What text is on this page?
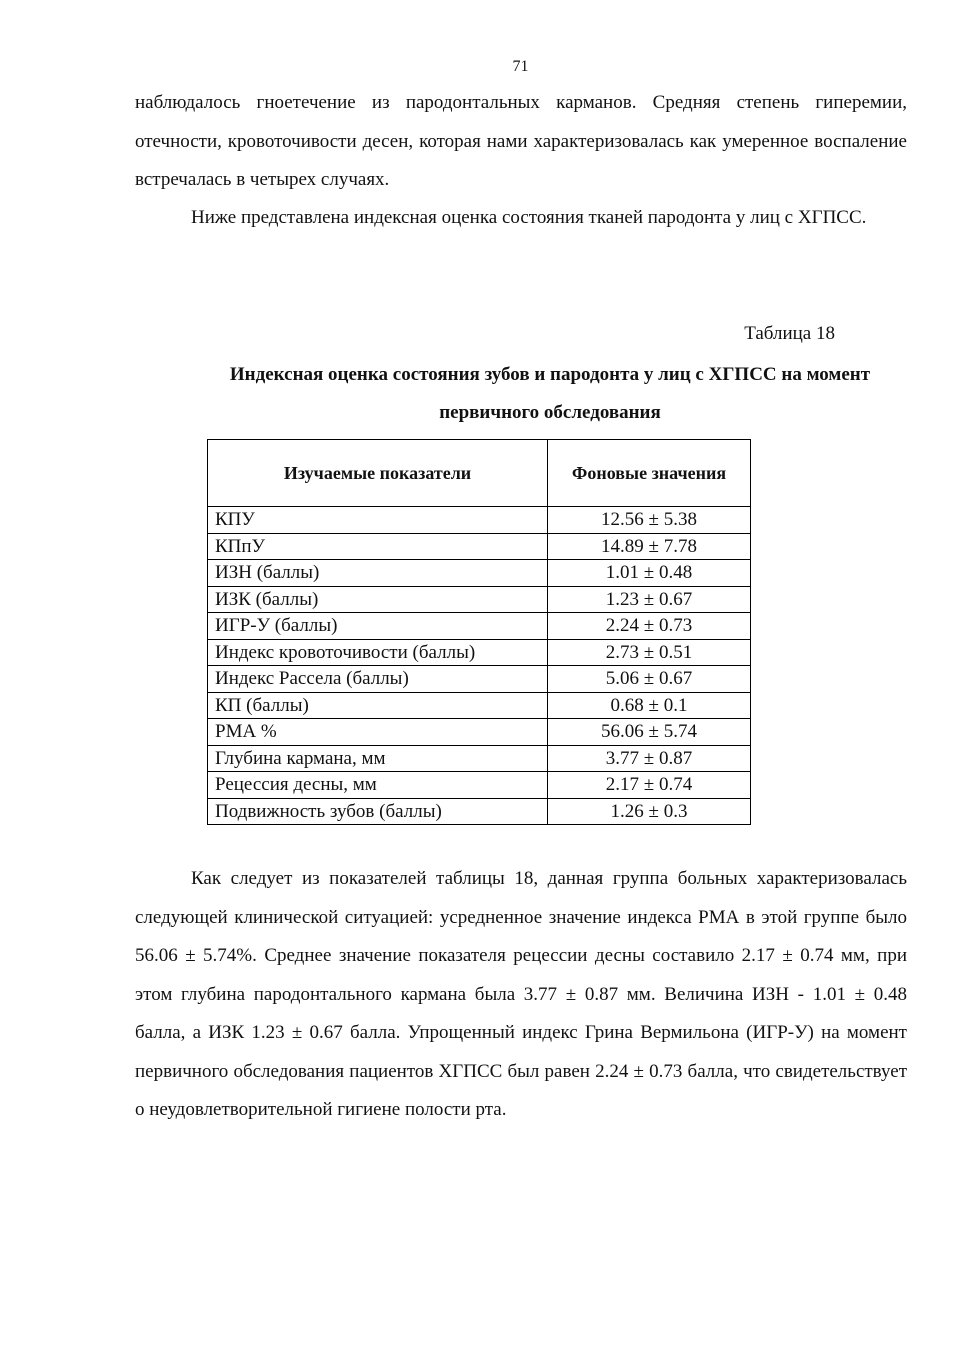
71

наблюдалось гноетечение из пародонтальных карманов. Средняя степень гиперемии, отечности, кровоточивости десен, которая нами характеризовалась как умеренное воспаление встречалась в четырех случаях.

Ниже представлена индексная оценка состояния тканей пародонта у лиц с ХГПСС.

Таблица 18

Индексная оценка состояния зубов и пародонта у лиц с ХГПСС на момент первичного обследования

Изучаемые показатели	Фоновые значения
КПУ	12.56 ± 5.38
КПпУ	14.89 ± 7.78
ИЗН (баллы)	1.01 ± 0.48
ИЗК (баллы)	1.23 ± 0.67
ИГР-У (баллы)	2.24 ± 0.73
Индекс кровоточивости (баллы)	2.73 ± 0.51
Индекс Рассела (баллы)	5.06 ± 0.67
КП (баллы)	0.68 ± 0.1
РМА %	56.06 ± 5.74
Глубина кармана, мм	3.77 ± 0.87
Рецессия десны, мм	2.17 ± 0.74
Подвижность зубов (баллы)	1.26 ± 0.3

Как следует из показателей таблицы 18, данная группа больных характеризовалась следующей клинической ситуацией: усредненное значение индекса РМА в этой группе было 56.06 ± 5.74%. Среднее значение показателя рецессии десны составило 2.17 ± 0.74 мм, при этом глубина пародонтального кармана была 3.77 ± 0.87 мм. Величина ИЗН - 1.01 ± 0.48 балла, а ИЗК 1.23 ± 0.67 балла. Упрощенный индекс Грина Вермильона (ИГР-У) на момент первичного обследования пациентов ХГПСС был равен 2.24 ± 0.73 балла, что свидетельствует о неудовлетворительной гигиене полости рта.
